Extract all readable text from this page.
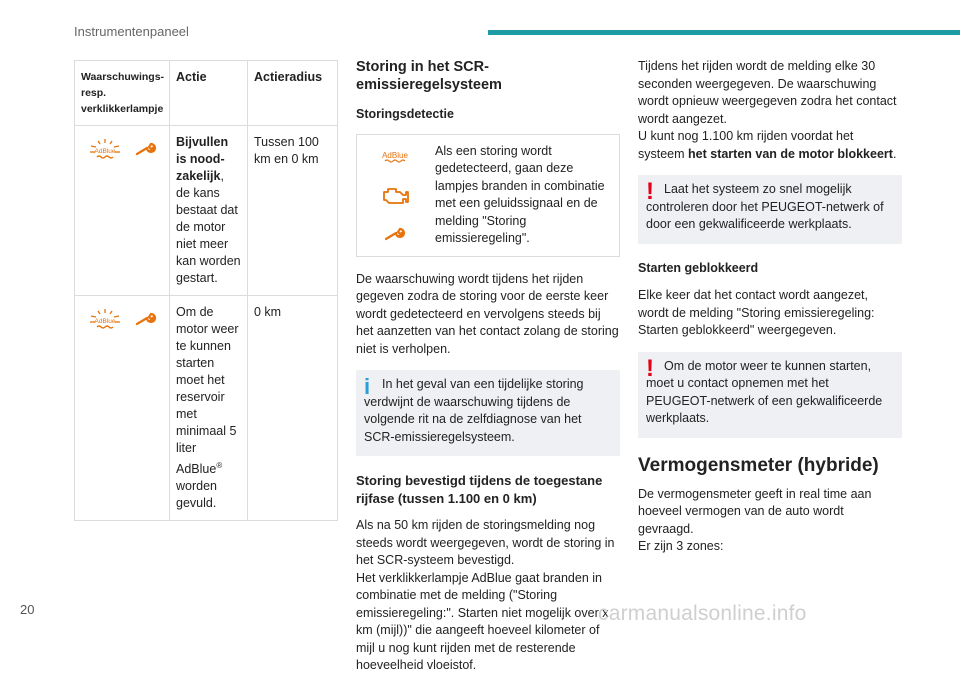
Instrumentenpaneel
Waarschuwings-resp. verklikkerlampje	Actie	Actieradius

AdBlue	Bijvullen is nood-zakelijk, de kans bestaat dat de motor niet meer kan worden gestart.	Tussen 100 km en 0 km

AdBlue	Om de motor weer te kunnen starten moet het reservoir met minimaal 5 liter AdBlue® worden gevuld.	0 km
Storing in het SCR-emissieregelsysteem
Storingsdetectie
AdBlue Als een storing wordt gedetecteerd, gaan deze lampjes branden in combinatie met een geluidssignaal en de melding "Storing emissieregeling".

De waarschuwing wordt tijdens het rijden gegeven zodra de storing voor de eerste keer wordt gedetecteerd en vervolgens steeds bij het aanzetten van het contact zolang de storing niet is verholpen.

i In het geval van een tijdelijke storing verdwijnt de waarschuwing tijdens de volgende rit na de zelfdiagnose van het SCR-emissieregelsysteem.
Storing bevestigd tijdens de toegestane rijfase (tussen 1.100 en 0 km)

Als na 50 km rijden de storingsmelding nog steeds wordt weergegeven, wordt de storing in het SCR-systeem bevestigd.
Het verklikkerlampje AdBlue gaat branden in combinatie met de melding ("Storing emissieregeling:". Starten niet mogelijk over x km (mijl))" die aangeeft hoeveel kilometer of mijl u nog kunt rijden met de resterende hoeveelheid vloeistof.

Tijdens het rijden wordt de melding elke 30 seconden weergegeven. De waarschuwing wordt opnieuw weergegeven zodra het contact wordt aangezet.
U kunt nog 1.100 km rijden voordat het systeem het starten van de motor blokkeert.

! Laat het systeem zo snel mogelijk controleren door het PEUGEOT-netwerk of door een gekwalificeerde werkplaats.
Starten geblokkeerd

Elke keer dat het contact wordt aangezet, wordt de melding "Storing emissieregeling: Starten geblokkeerd" weergegeven.

! Om de motor weer te kunnen starten, moet u contact opnemen met het PEUGEOT-netwerk of een gekwalificeerde werkplaats.
Vermogensmeter (hybride)

De vermogensmeter geeft in real time aan hoeveel vermogen van de auto wordt gevraagd.
Er zijn 3 zones:

20	carmanualsonline.info
